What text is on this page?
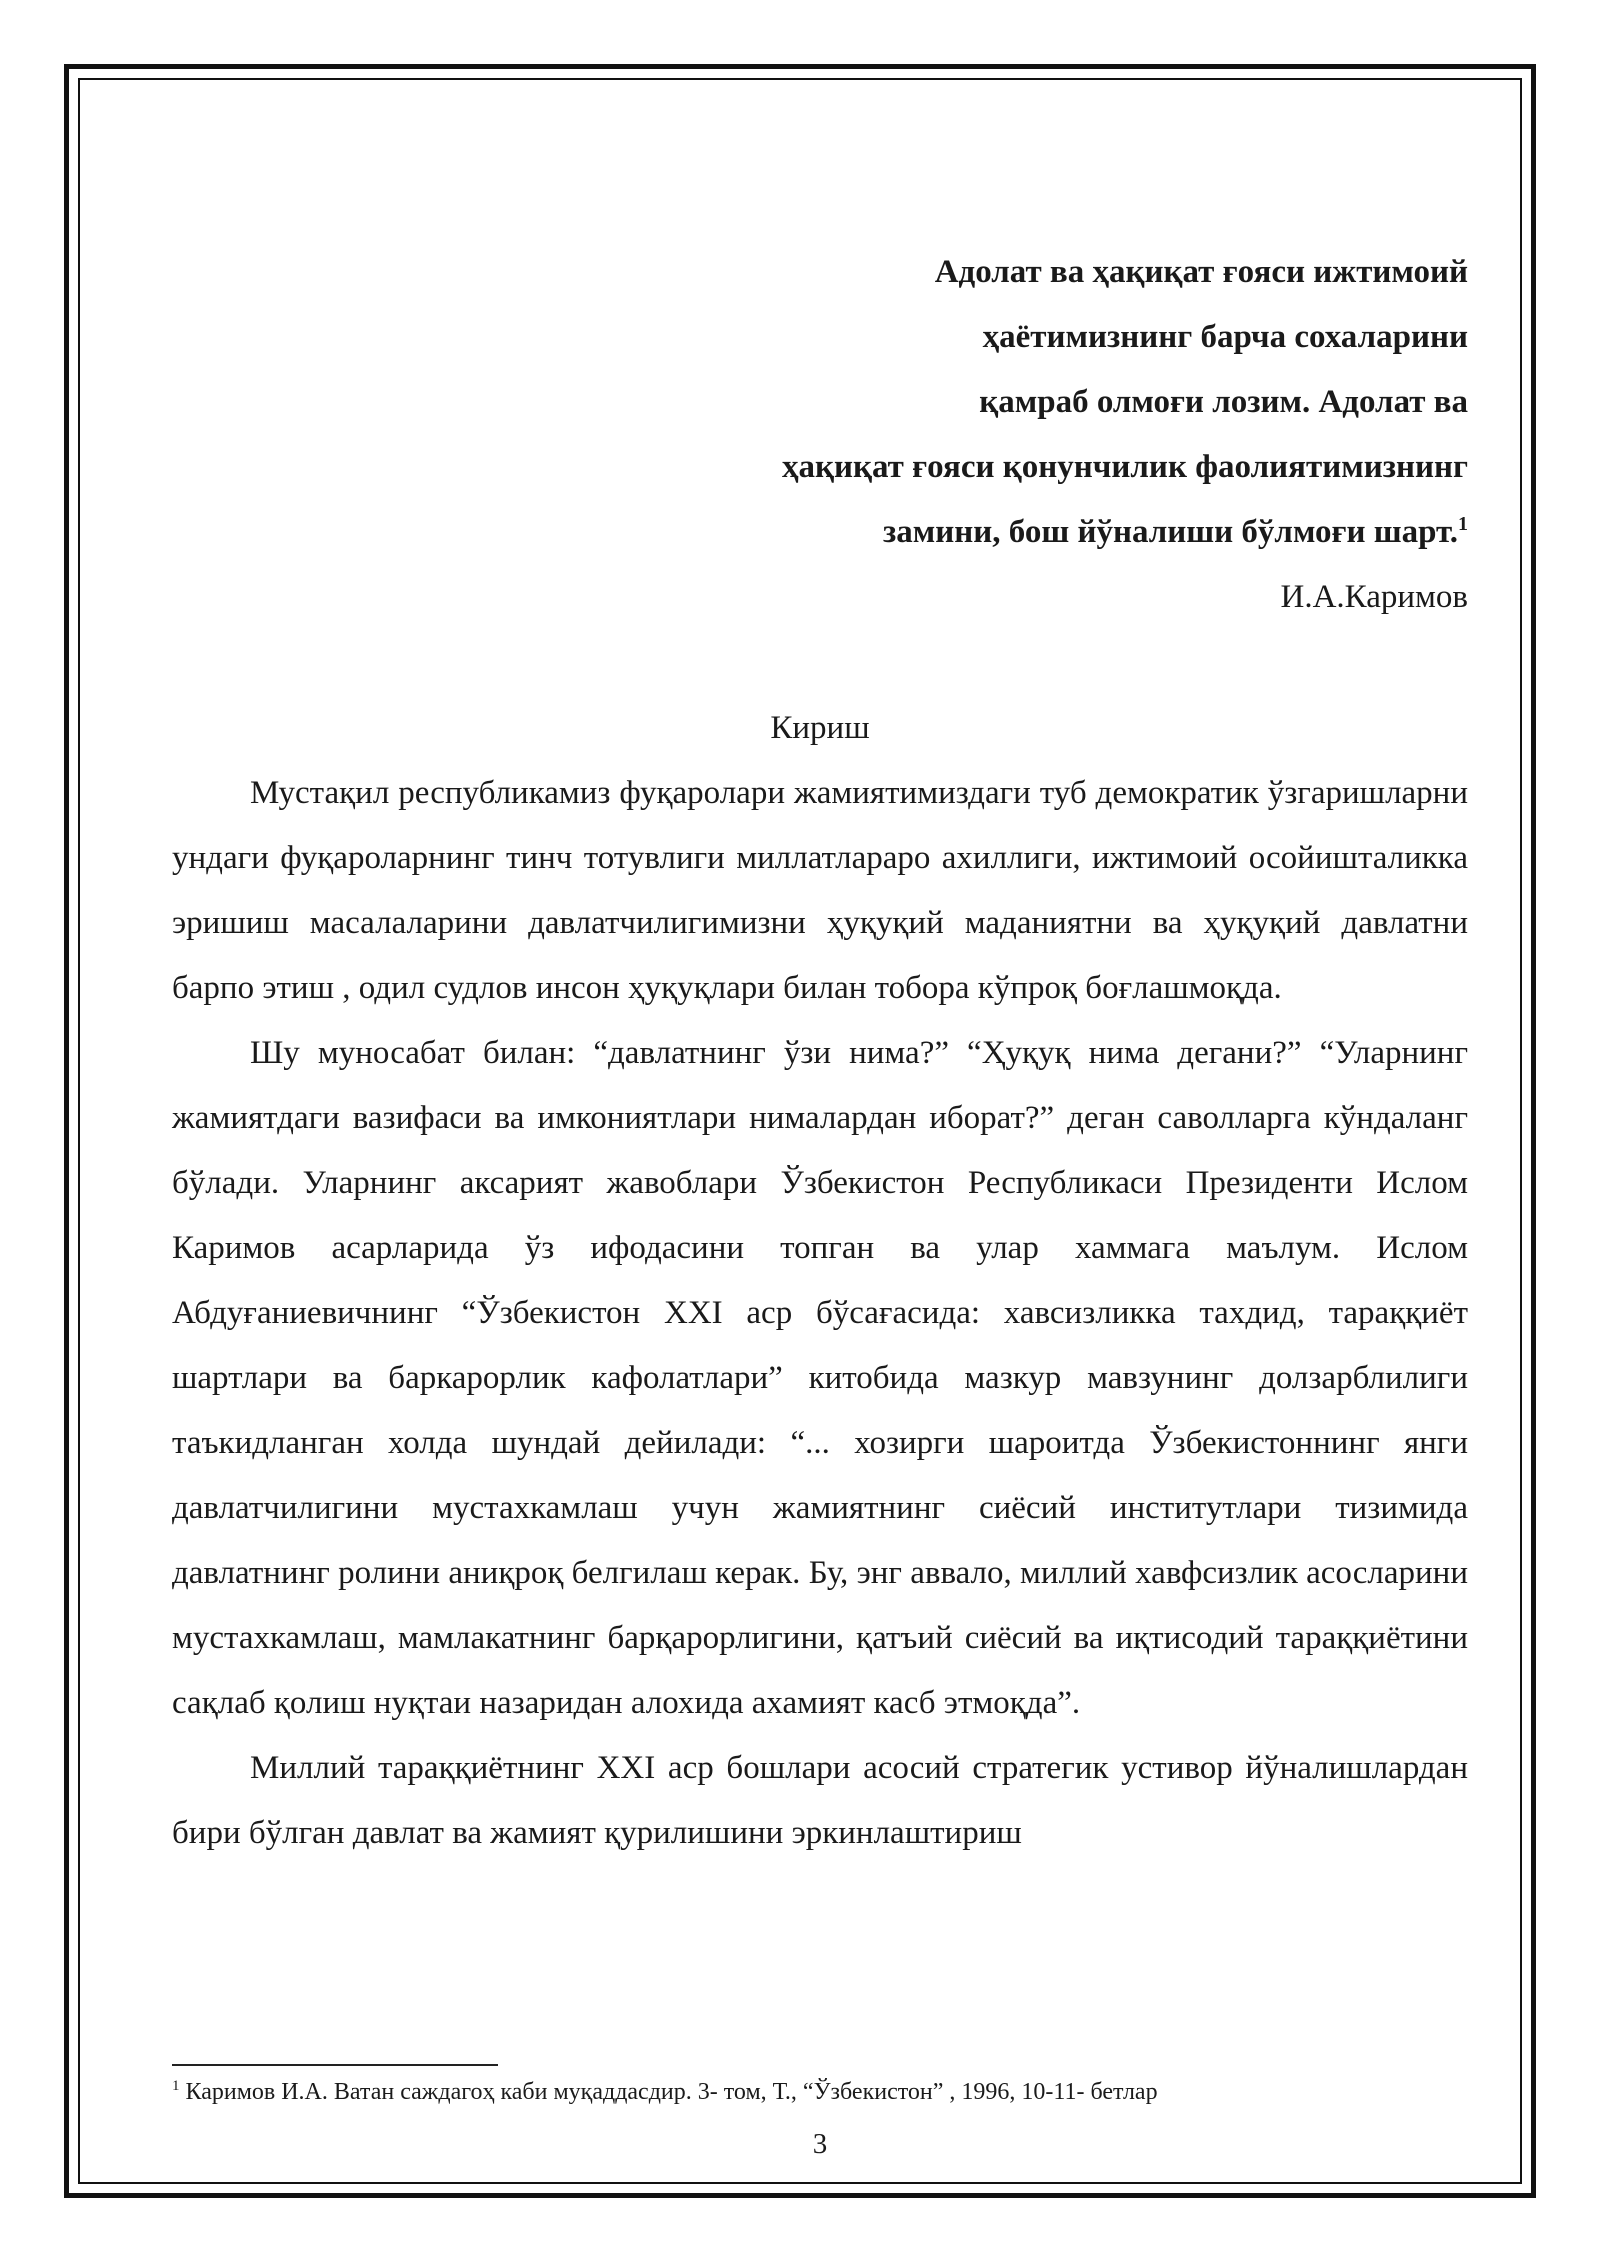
Адолат ва ҳақиқат ғояси ижтимоий
ҳаётимизнинг барча сохаларини
қамраб олмоғи лозим. Адолат ва
ҳақиқат ғояси қонунчилик фаолиятимизнинг
замини, бош йўналиши бўлмоғи шарт.$^1$
И.А.Каримов
Кириш

Мустақил республикамиз фуқаролари жамиятимиздаги туб демократик ўзгаришларни ундаги фуқароларнинг тинч тотувлиги миллатлараро ахиллиги, ижтимоий осойишталикка эришиш масалаларини давлатчилигимизни ҳуқуқий маданиятни ва ҳуқуқий давлатни барпо этиш , одил судлов инсон ҳуқуқлари билан тобора кўпроқ боғлашмоқда.

Шу муносабат билан: “давлатнинг ўзи нима?” “Ҳуқуқ нима дегани?” “Уларнинг жамиятдаги вазифаси ва имкониятлари нималардан иборат?” деган саволларга кўндаланг бўлади. Уларнинг аксарият жавоблари Ўзбекистон Республикаси Президенти Ислом Каримов асарларида ўз ифодасини топган ва улар хаммага маълум. Ислом Абдуғаниевичнинг “Ўзбекистон XXI аср бўсағасида: хавсизликка тахдид, тараққиёт шартлари ва баркарорлик кафолатлари” китобида мазкур мавзунинг долзарблилиги таъкидланган холда шундай дейилади: “... хозирги шароитда Ўзбекистоннинг янги давлатчилигини мустахкамлаш учун жамиятнинг сиёсий институтлари тизимида давлатнинг ролини аниқроқ белгилаш керак. Бу, энг аввало, миллий хавфсизлик асосларини мустахкамлаш, мамлакатнинг барқарорлигини, қатъий сиёсий ва иқтисодий тараққиётини сақлаб қолиш нуқтаи назаридан алохида ахамият касб этмоқда”.

Миллий тараққиётнинг XXI аср бошлари асосий стратегик устивор йўналишлардан бири бўлган давлат ва жамият қурилишини эркинлаштириш

$^1$ Каримов И.А. Ватан саждагоҳ каби муқаддасдир. 3- том, Т., “Ўзбекистон” , 1996, 10-11- бетлар
3
